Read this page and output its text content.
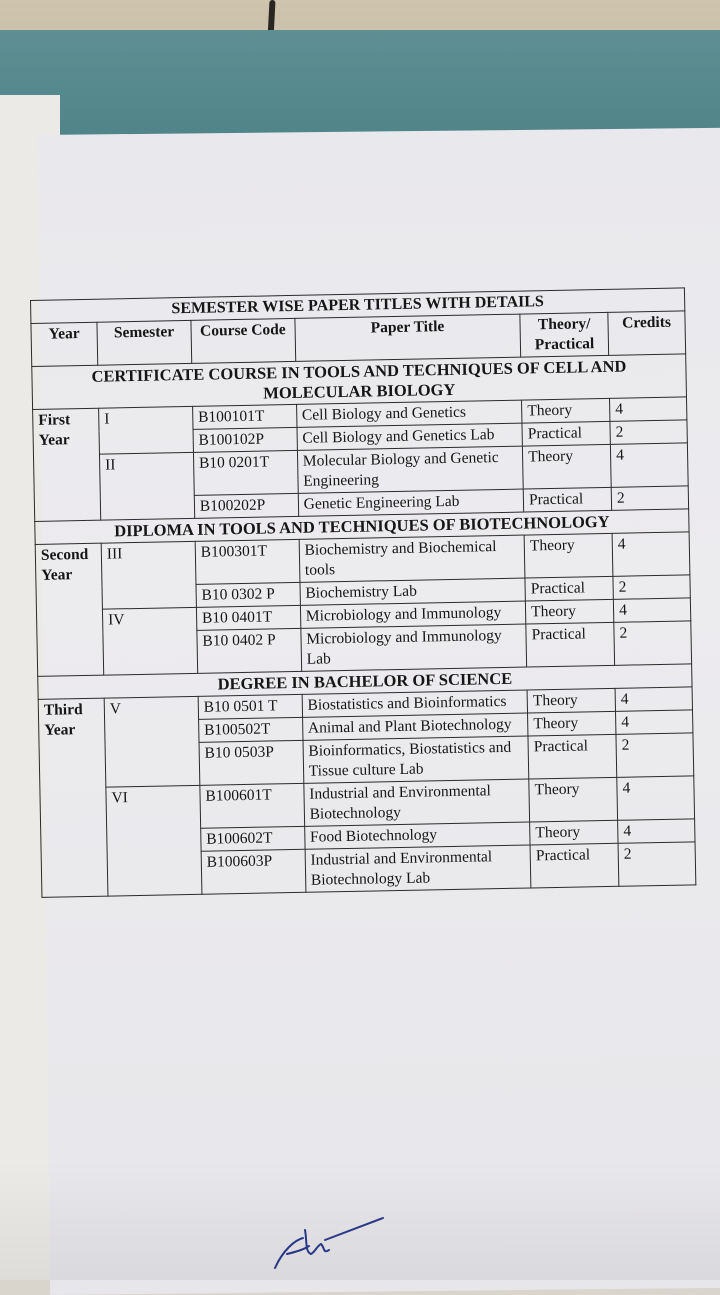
SEMESTER WISE PAPER TITLES WITH DETAILS					
Year	Semester	Course Code	Paper Title	Theory/ Practical	Credits
CERTIFICATE COURSE IN TOOLS AND TECHNIQUES OF CELL AND MOLECULAR BIOLOGY					
First Year	I	B100101T	Cell Biology and Genetics	Theory	4
		B100102P	Cell Biology and Genetics Lab	Practical	2
	II	B10 0201T	Molecular Biology and Genetic Engineering	Theory	4
		B100202P	Genetic Engineering Lab	Practical	2
DIPLOMA IN TOOLS AND TECHNIQUES OF BIOTECHNOLOGY					
Second Year	III	B100301T	Biochemistry and Biochemical tools	Theory	4
		B10 0302 P	Biochemistry Lab	Practical	2
	IV	B10 0401T	Microbiology and Immunology	Theory	4
		B10 0402 P	Microbiology and Immunology Lab	Practical	2
DEGREE IN BACHELOR OF SCIENCE					
Third Year	V	B10 0501 T	Biostatistics and Bioinformatics	Theory	4
		B100502T	Animal and Plant Biotechnology	Theory	4
		B10 0503P	Bioinformatics, Biostatistics and Tissue culture Lab	Practical	2
	VI	B100601T	Industrial and Environmental Biotechnology	Theory	4
		B100602T	Food Biotechnology	Theory	4
		B100603P	Industrial and Environmental Biotechnology Lab	Practical	2
